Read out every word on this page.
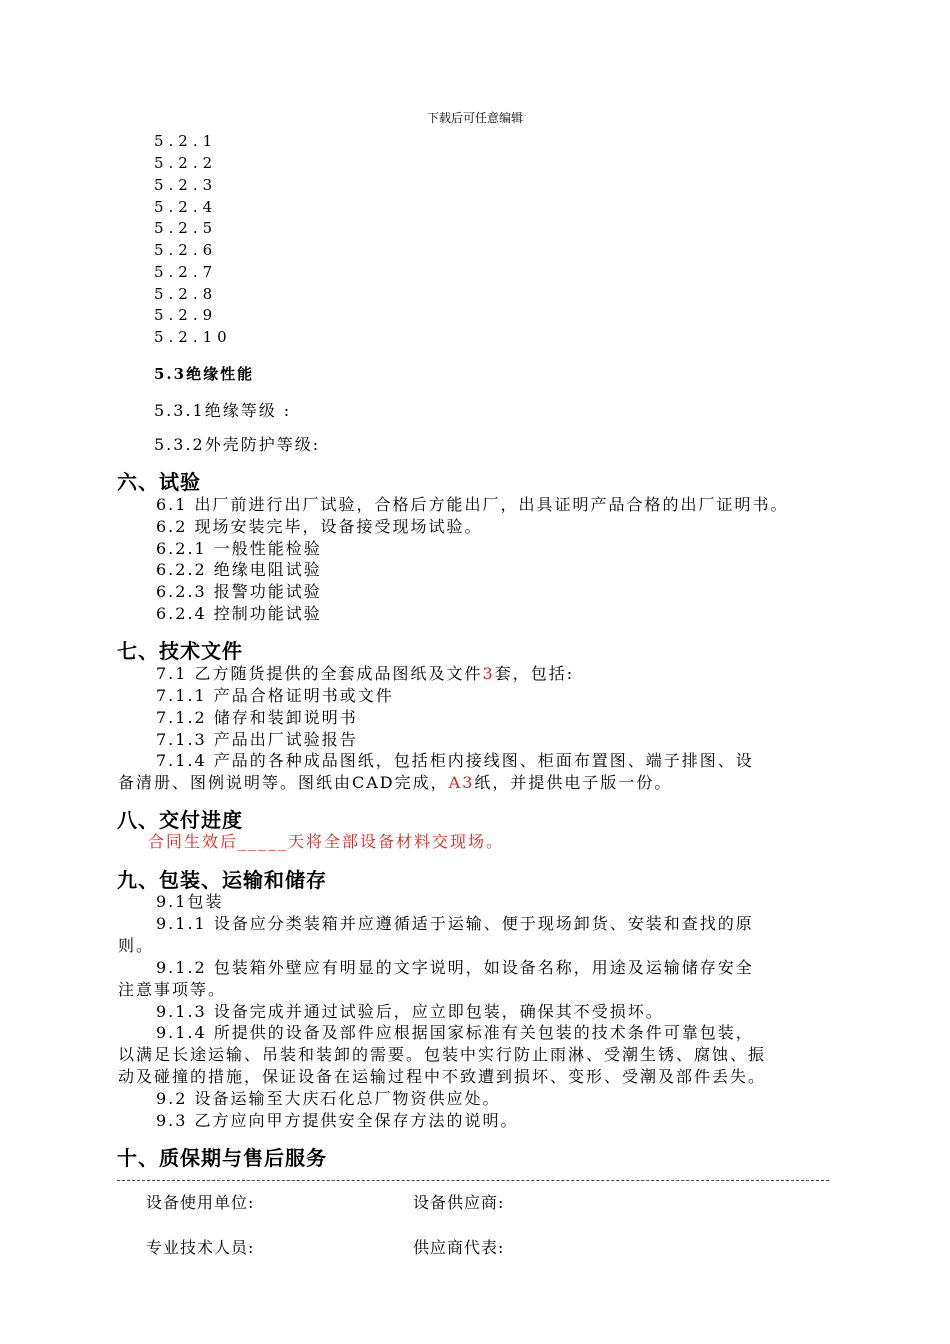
下载后可任意编辑
5.2.1
5.2.2
5.2.3
5.2.4
5.2.5
5.2.6
5.2.7
5.2.8
5.2.9
5.2.10
5.3绝缘性能
5.3.1绝缘等级 :
5.3.2外壳防护等级:
六、试验
6.1 出厂前进行出厂试验，合格后方能出厂，出具证明产品合格的出厂证明书。
6.2 现场安装完毕，设备接受现场试验。
6.2.1 一般性能检验
6.2.2 绝缘电阻试验
6.2.3 报警功能试验
6.2.4 控制功能试验
七、技术文件
7.1 乙方随货提供的全套成品图纸及文件3套，包括:
7.1.1 产品合格证明书或文件
7.1.2 储存和装卸说明书
7.1.3 产品出厂试验报告
7.1.4 产品的各种成品图纸，包括柜内接线图、柜面布置图、端子排图、设
备清册、图例说明等。图纸由CAD完成，A3纸，并提供电子版一份。
八、交付进度
合同生效后_____天将全部设备材料交现场。
九、包装、运输和储存
9.1包装
9.1.1 设备应分类装箱并应遵循适于运输、便于现场卸货、安装和查找的原
则。
9.1.2 包装箱外壁应有明显的文字说明，如设备名称，用途及运输储存安全
注意事项等。
9.1.3 设备完成并通过试验后，应立即包装，确保其不受损坏。
9.1.4 所提供的设备及部件应根据国家标准有关包装的技术条件可靠包装，
以满足长途运输、吊装和装卸的需要。包装中实行防止雨淋、受潮生锈、腐蚀、振
动及碰撞的措施，保证设备在运输过程中不致遭到损坏、变形、受潮及部件丢失。
9.2 设备运输至大庆石化总厂物资供应处。
9.3 乙方应向甲方提供安全保存方法的说明。
十、质保期与售后服务
设备使用单位:	设备供应商:
专业技术人员:	供应商代表:
